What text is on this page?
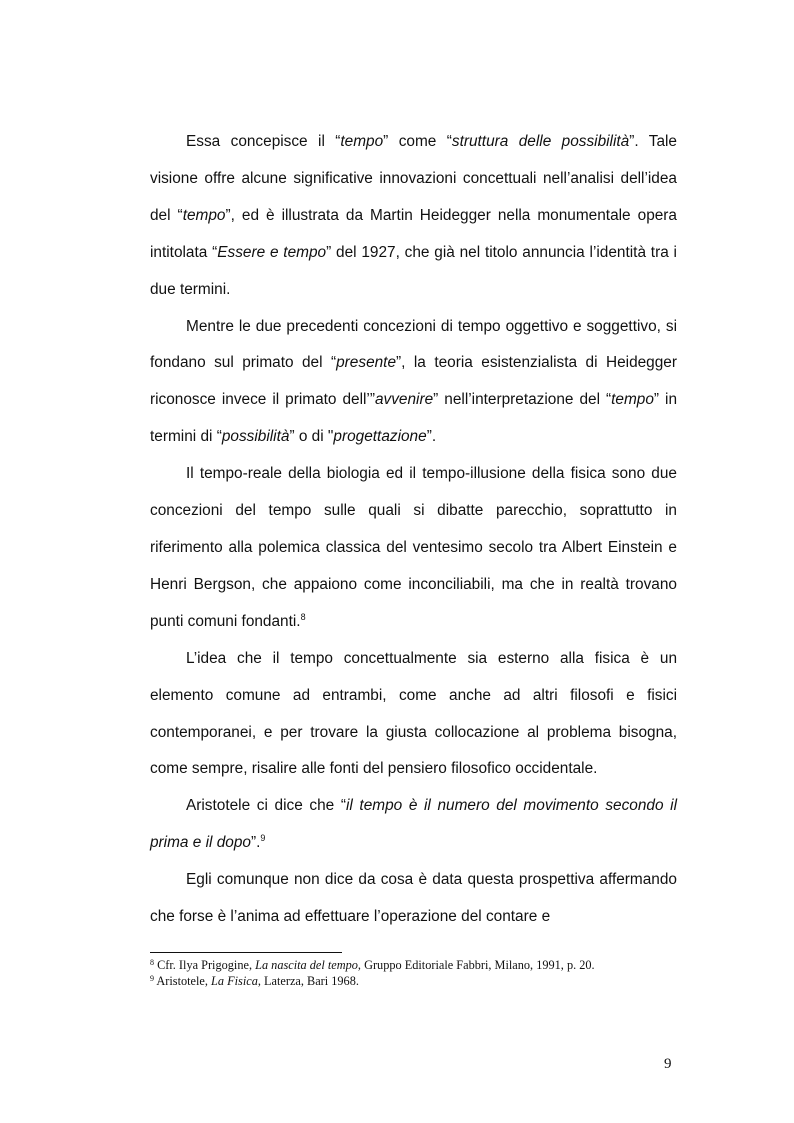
Essa concepisce il “tempo” come “struttura delle possibilità”. Tale visione offre alcune significative innovazioni concettuali nell’analisi dell’idea del “tempo”, ed è illustrata da Martin Heidegger nella monumentale opera intitolata “Essere e tempo” del 1927, che già nel titolo annuncia l’identità tra i due termini.

Mentre le due precedenti concezioni di tempo oggettivo e soggettivo, si fondano sul primato del “presente”, la teoria esistenzialista di Heidegger riconosce invece il primato dell’”avvenire” nell’interpretazione del “tempo” in termini di “possibilità” o di "progettazione”.

Il tempo-reale della biologia ed il tempo-illusione della fisica sono due concezioni del tempo sulle quali si dibatte parecchio, soprattutto in riferimento alla polemica classica del ventesimo secolo tra Albert Einstein e Henri Bergson, che appaiono come inconciliabili, ma che in realtà trovano punti comuni fondanti.$^8$

L’idea che il tempo concettualmente sia esterno alla fisica è un elemento comune ad entrambi, come anche ad altri filosofi e fisici contemporanei, e per trovare la giusta collocazione al problema bisogna, come sempre, risalire alle fonti del pensiero filosofico occidentale.

Aristotele ci dice che “il tempo è il numero del movimento secondo il prima e il dopo”.$^9$

Egli comunque non dice da cosa è data questa prospettiva affermando che forse è l’anima ad effettuare l’operazione del contare e

$^8$ Cfr. Ilya Prigogine, La nascita del tempo, Gruppo Editoriale Fabbri, Milano, 1991, p. 20.

$^9$ Aristotele, La Fisica, Laterza, Bari 1968.

9
